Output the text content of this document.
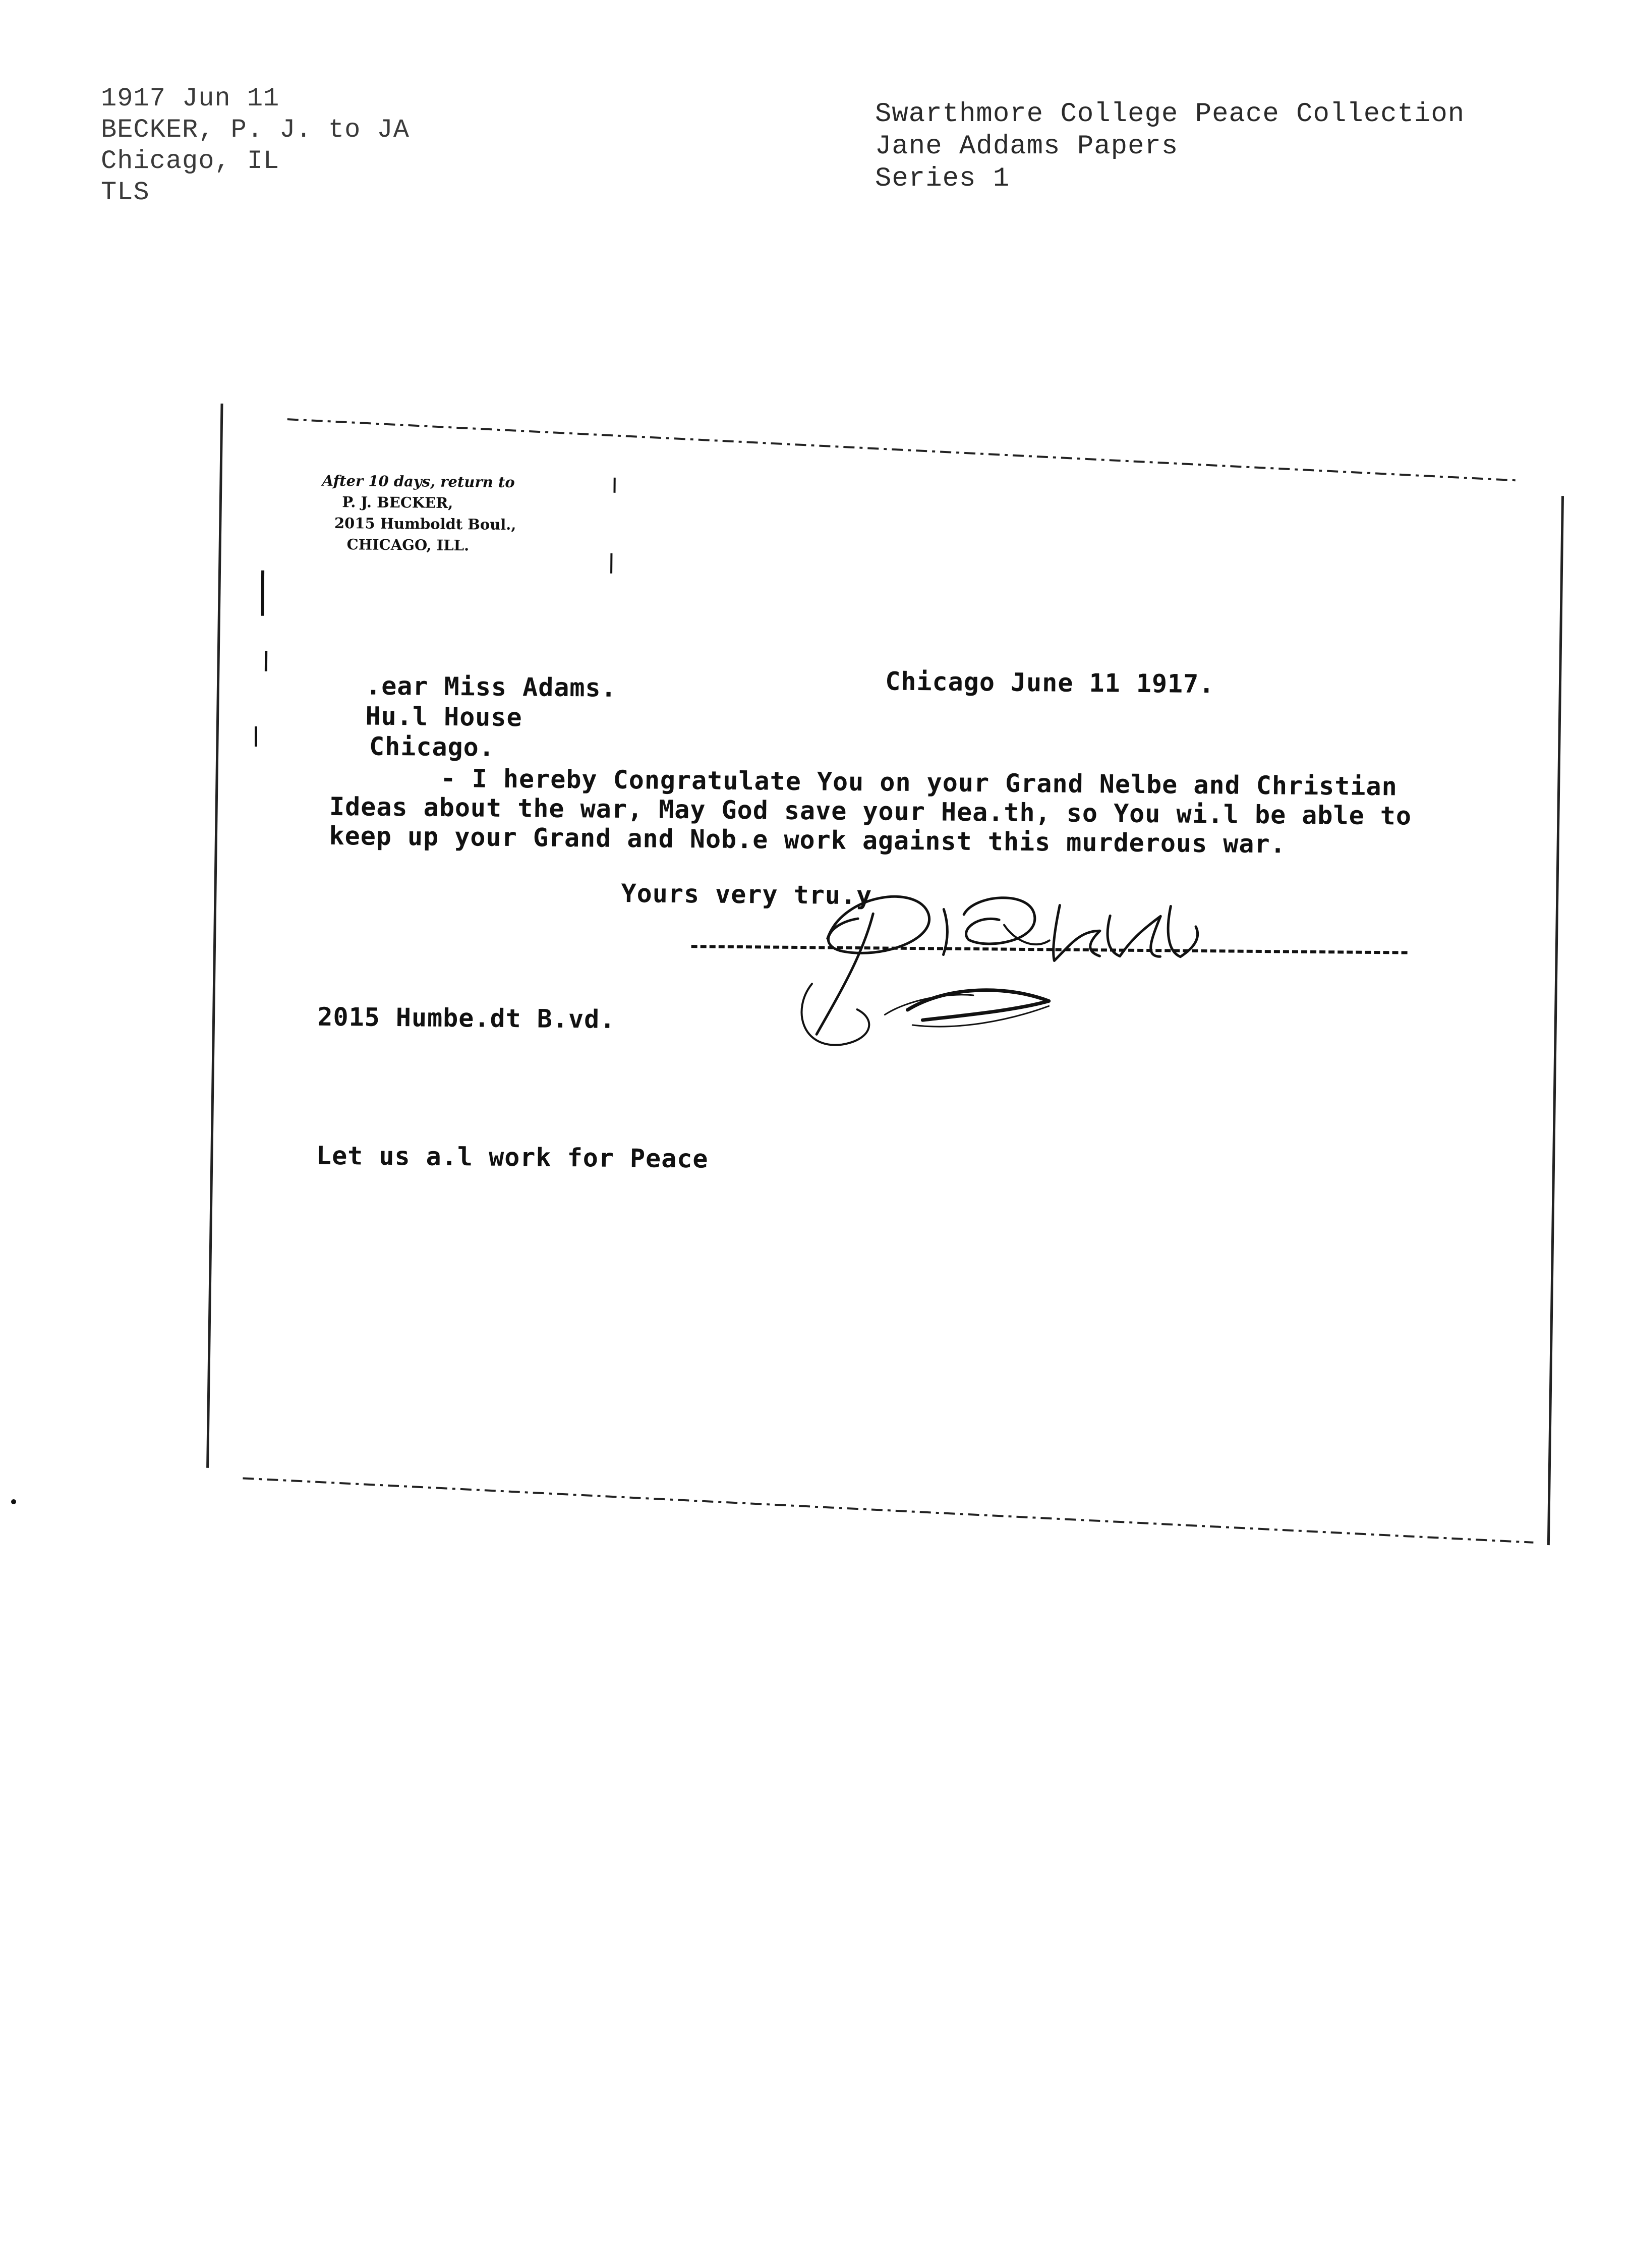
1917 Jun 11
BECKER, P. J. to JA
Chicago, IL
TLS
Swarthmore College Peace Collection
Jane Addams Papers
Series 1
After 10 days, return to
P. J. BECKER,
2015 Humboldt Boul.,
CHICAGO, ILL.
Chicago June 11 1917.
.ear Miss Adams.
Hu.l House
Chicago.
- I hereby Congratulate You on your Grand Nelbe and Christian
Ideas about the war, May God save your Hea.th, so You wi.l be able to
keep up your Grand and Nob.e work against this murderous war.
Yours very tru.y
2015 Humbe.dt B.vd.
Let us a.l work for Peace
